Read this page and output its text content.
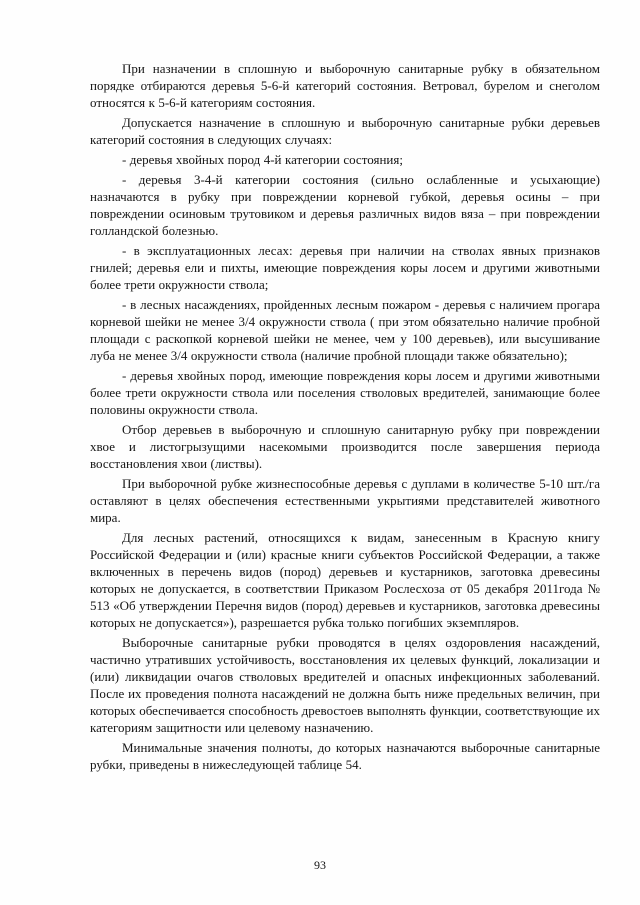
При назначении в сплошную и выборочную санитарные рубку в обязательном порядке отбираются деревья 5-6-й категорий состояния. Ветровал, бурелом и снеголом относятся к 5-6-й категориям состояния.

Допускается назначение в сплошную и выборочную санитарные рубки деревьев категорий состояния в следующих случаях:

- деревья хвойных пород 4-й категории состояния;

- деревья 3-4-й категории состояния (сильно ослабленные и усыхающие) назначаются в рубку при повреждении корневой губкой, деревья осины – при повреждении осиновым трутовиком и деревья различных видов вяза – при повреждении голландской болезнью.

- в эксплуатационных лесах: деревья при наличии на стволах явных признаков гнилей; деревья ели и пихты, имеющие повреждения коры лосем и другими животными более трети окружности ствола;

- в лесных насаждениях, пройденных лесным пожаром - деревья с наличием прогара корневой шейки не менее 3/4 окружности ствола ( при этом обязательно наличие пробной площади с раскопкой корневой шейки не менее, чем у 100 деревьев), или высушивание луба не менее 3/4 окружности ствола (наличие пробной площади также обязательно);

- деревья хвойных пород, имеющие повреждения коры лосем и другими животными более трети окружности ствола или поселения стволовых вредителей, занимающие более половины окружности ствола.

Отбор деревьев в выборочную и сплошную санитарную рубку при повреждении хвое и листогрызущими насекомыми производится после завершения периода восстановления хвои (листвы).

При выборочной рубке жизнеспособные деревья с дуплами в количестве 5-10 шт./га оставляют в целях обеспечения естественными укрытиями представителей животного мира.

Для лесных растений, относящихся к видам, занесенным в Красную книгу Российской Федерации и (или) красные книги субъектов Российской Федерации, а также включенных в перечень видов (пород) деревьев и кустарников, заготовка древесины которых не допускается, в соответствии Приказом Рослесхоза от 05 декабря 2011года № 513 «Об утверждении Перечня видов (пород) деревьев и кустарников, заготовка древесины которых не допускается»), разрешается рубка только погибших экземпляров.

Выборочные санитарные рубки проводятся в целях оздоровления насаждений, частично утративших устойчивость, восстановления их целевых функций, локализации и (или) ликвидации очагов стволовых вредителей и опасных инфекционных заболеваний. После их проведения полнота насаждений не должна быть ниже предельных величин, при которых обеспечивается способность древостоев выполнять функции, соответствующие их категориям защитности или целевому назначению.

Минимальные значения полноты, до которых назначаются выборочные санитарные рубки, приведены в нижеследующей таблице 54.

93
